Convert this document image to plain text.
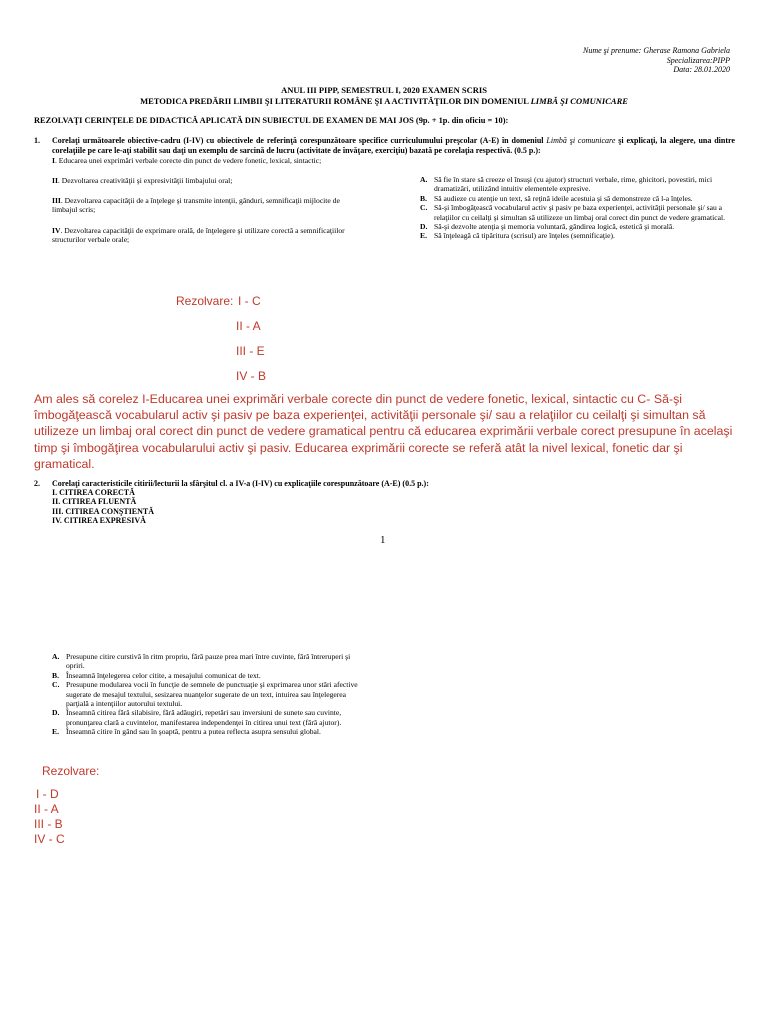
Nume şi prenume: Gherase Ramona Gabriela
Specializarea:PIPP
Data: 28.01.2020
ANUL III PIPP, SEMESTRUL I, 2020 EXAMEN SCRIS
METODICA PREDĂRII LIMBII ŞI LITERATURII ROMÂNE ŞI A ACTIVITĂŢILOR DIN DOMENIUL LIMBĂ ŞI COMUNICARE
REZOLVAŢI CERINŢELE DE DIDACTICĂ APLICATĂ DIN SUBIECTUL DE EXAMEN DE MAI JOS (9p. + 1p. din oficiu = 10):
1. Corelaţi următoarele obiective-cadru (I-IV) cu obiectivele de referinţă corespunzătoare specifice curriculumului preşcolar (A-E) în domeniul Limbă şi comunicare şi explicaţi, la alegere, una dintre corelaţiile pe care le-aţi stabilit sau daţi un exemplu de sarcină de lucru (activitate de învăţare, exerciţiu) bazată pe corelaţia respectivă. (0.5 p.):
I. Educarea unei exprimări verbale corecte din punct de vedere fonetic, lexical, sintactic;
II. Dezvoltarea creativităţii şi expresivităţii limbajului oral;
III. Dezvoltarea capacităţii de a înţelege şi transmite intenţii, gânduri, semnificaţii mijlocite de limbajul scris;
IV. Dezvoltarea capacităţii de exprimare orală, de înţelegere şi utilizare corectă a semnificaţiilor structurilor verbale orale;
A. Să fie în stare să creeze el însuşi (cu ajutor) structuri verbale, rime, ghicitori, povestiri, mici dramatizări, utilizând intuitiv elementele expresive.
B. Să audieze cu atenţie un text, să reţină ideile acestuia şi să demonstreze că l-a înţeles.
C. Să-şi îmbogăţească vocabularul activ şi pasiv pe baza experienţei, activităţii personale şi/ sau a relaţiilor cu ceilalţi şi simultan să utilizeze un limbaj oral corect din punct de vedere gramatical.
D. Să-şi dezvolte atenţia şi memoria voluntară, gândirea logică, estetică şi morală.
E. Să înţeleagă că tipăritura (scrisul) are înţeles (semnificaţie).
Rezolvare: I - C
II - A
III - E
IV - B
Am ales să corelez I-Educarea unei exprimări verbale corecte din punct de vedere fonetic, lexical, sintactic cu C- Să-şi îmbogăţească vocabularul activ şi pasiv pe baza experienţei, activităţii personale şi/ sau a relaţiilor cu ceilalţi şi simultan să utilizeze un limbaj oral corect din punct de vedere gramatical pentru că educarea exprimării verbale corect presupune în acelaşi timp şi îmbogăţirea vocabularului activ şi pasiv. Educarea exprimării corecte se referă atât la nivel lexical, fonetic dar şi gramatical.
2. Corelaţi caracteristicile citirii/lecturii la sfârşitul cl. a IV-a (I-IV) cu explicaţiile corespunzătoare (A-E) (0.5 p.):
I. CITIREA CORECTĂ
II. CITIREA FLUENTĂ
III. CITIREA CONŞTIENTĂ
IV. CITIREA EXPRESIVĂ
1
A. Presupune citire curstivă în ritm propriu, fără pauze prea mari între cuvinte, fără întreruperi şi opriri.
B. Înseamnă înţelegerea celor citite, a mesajului comunicat de text.
C. Presupune modularea vocii în funcţie de semnele de punctuaţie şi exprimarea unor stări afective sugerate de mesajul textului, sesizarea nuanţelor sugerate de un text, intuirea sau înţelegerea parţială a intenţiilor autorului textului.
D. Înseamnă citirea fără silabisire, fără adăugiri, repetări sau inversiuni de sunete sau cuvinte, pronunţarea clară a cuvintelor, manifestarea independenţei în citirea unui text (fără ajutor).
E. Înseamnă citire în gând sau în şoaptă, pentru a putea reflecta asupra sensului global.
Rezolvare:
I - D
II - A
III - B
IV - C
